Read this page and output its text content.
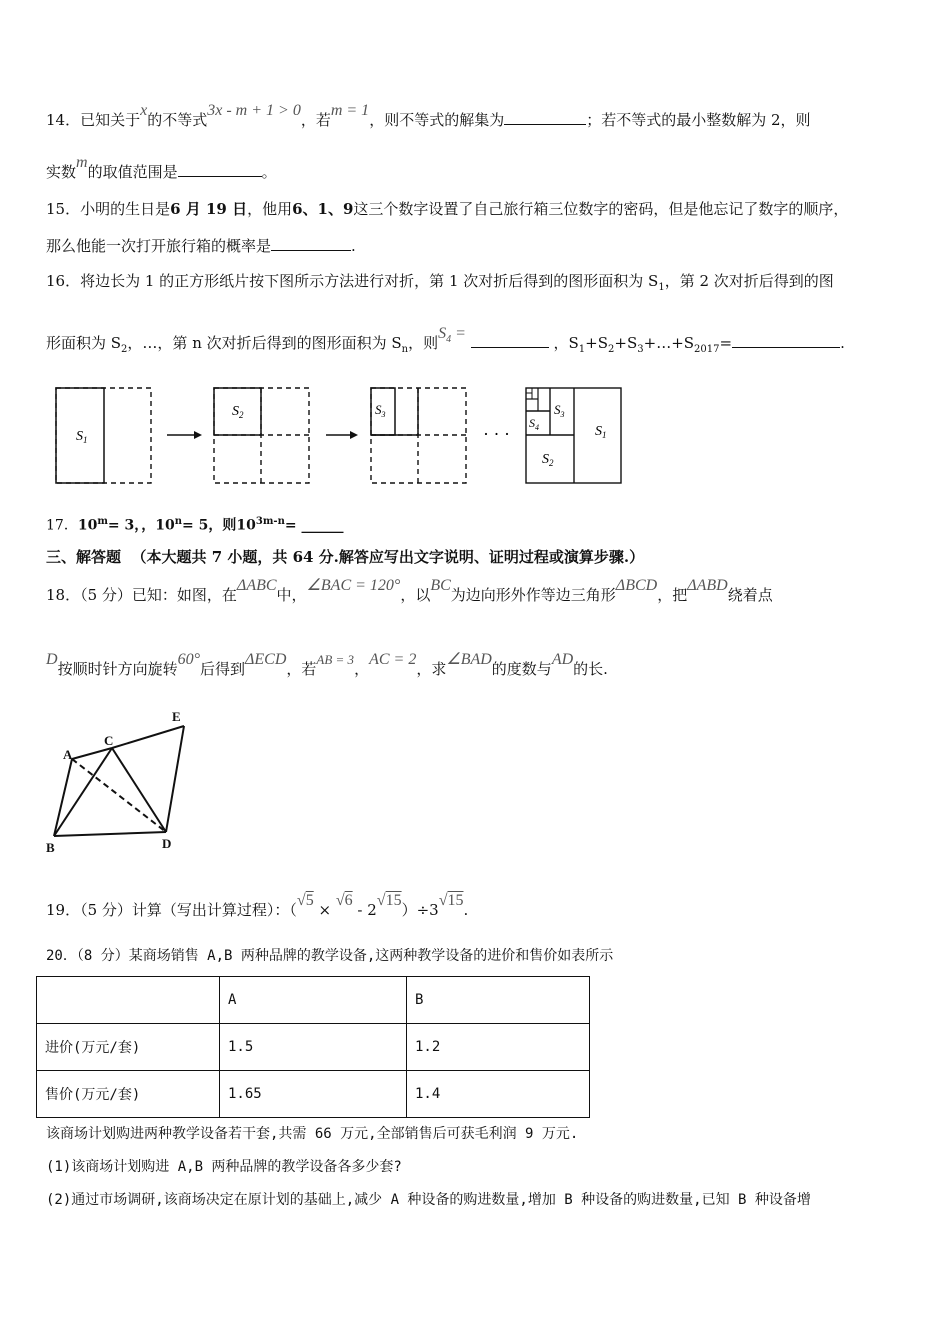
14．已知关于x的不等式3x - m + 1 > 0，若m = 1，则不等式的解集为	；若不等式的最小整数解为 2，则
实数m的取值范围是	。
15．小明的生日是6 月 19 日，他用6、1、9这三个数字设置了自己旅行箱三位数字的密码，但是他忘记了数字的顺序，
那么他能一次打开旅行箱的概率是	.
16．将边长为 1 的正方形纸片按下图所示方法进行对折，第 1 次对折后得到的图形面积为 $S_1$，第 2 次对折后得到的图
形面积为 $S_2$，…，第 n 次对折后得到的图形面积为 $S_n$，则$S_4$ =  ，$S_1+S_2+S_3+\dots+S_{2017}=$	.
$S_1$
$S_2$	$S_3$
· · ·	$S_1$
$S_2$
$S_3$
$S_4$
17．$10^m= 3$，，$10^n= 5$，则$10^{3m-n}=$ ______
三、解答题 （本大题共 7 小题，共 64 分.解答应写出文字说明、证明过程或演算步骤.）
18．（5 分）已知：如图，在ΔABC中，∠BAC = 120°，以BC为边向形外作等边三角形ΔBCD，把ΔABD绕着点
D按顺时针方向旋转60°后得到ΔECD，若AB = 3，AC = 2，求∠BAD的度数与AD的长.
A
B
C
D
E
19．（5 分）计算（写出计算过程）：（√5 × √6 - 2√15）÷3√15.
20．（8 分）某商场销售 A,B 两种品牌的教学设备,这两种教学设备的进价和售价如表所示
	A	B
进价(万元/套)	1.5	1.2
售价(万元/套)	1.65	1.4
该商场计划购进两种教学设备若干套,共需 66 万元,全部销售后可获毛利润 9 万元.
(1)该商场计划购进 A,B 两种品牌的教学设备各多少套?
(2)通过市场调研,该商场决定在原计划的基础上,减少 A 种设备的购进数量,增加 B 种设备的购进数量,已知 B 种设备增
